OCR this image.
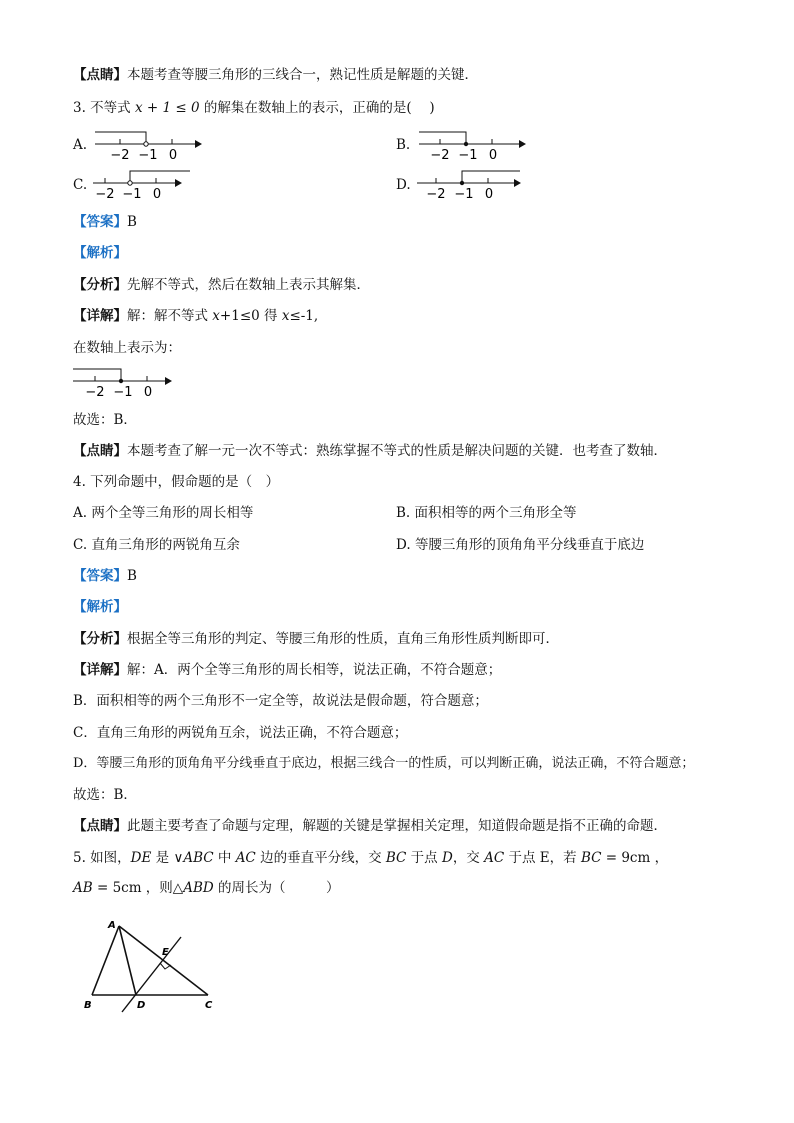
【点睛】本题考查等腰三角形的三线合一，熟记性质是解题的关键．
3. 不等式 x + 1 ≤ 0 的解集在数轴上的表示，正确的是(　 )
A.
−2 −1 0
B.
−2 −1 0
C.
−2 −1 0
D.
−2 −1 0
【答案】B
【解析】
【分析】先解不等式，然后在数轴上表示其解集．
【详解】解：解不等式 x+1≤0 得 x≤-1,
在数轴上表示为：
−2 −1 0
故选：B．
【点睛】本题考查了解一元一次不等式：熟练掌握不等式的性质是解决问题的关键．也考查了数轴．
4. 下列命题中，假命题的是（　）
A. 两个全等三角形的周长相等	B. 面积相等的两个三角形全等
C. 直角三角形的两锐角互余	D. 等腰三角形的顶角角平分线垂直于底边
【答案】B
【解析】
【分析】根据全等三角形的判定、等腰三角形的性质，直角三角形性质判断即可．
【详解】解：A．两个全等三角形的周长相等，说法正确，不符合题意；
B．面积相等的两个三角形不一定全等，故说法是假命题，符合题意；
C．直角三角形的两锐角互余，说法正确，不符合题意；
D．等腰三角形的顶角角平分线垂直于底边，根据三线合一的性质，可以判断正确，说法正确，不符合题意；
故选：B．
【点睛】此题主要考查了命题与定理，解题的关键是掌握相关定理，知道假命题是指不正确的命题．
5. 如图，DE 是 ∨ABC 中 AC 边的垂直平分线，交 BC 于点 D，交 AC 于点 E，若 BC = 9cm ，
AB = 5cm ，则△ABD 的周长为（　　　）
A
B	C
D
E
